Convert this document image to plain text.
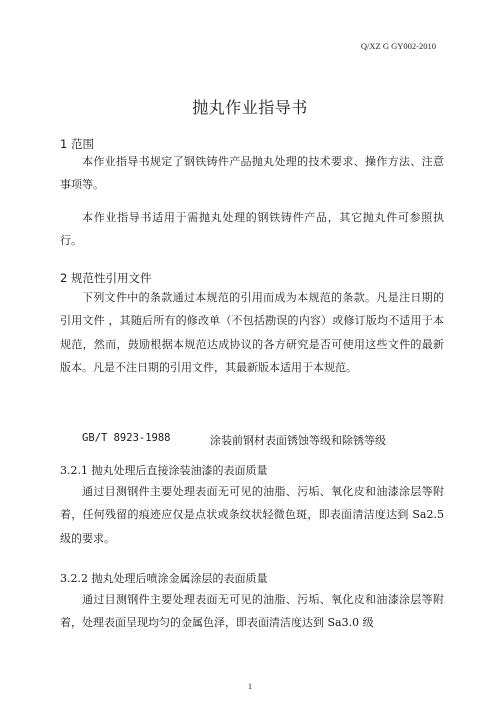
Q/XZ G GY002-2010
抛丸作业指导书
1 范围

本作业指导书规定了钢铁铸件产品抛丸处理的技术要求、操作方法、注意事项等。

本作业指导书适用于需抛丸处理的钢铁铸件产品，其它抛丸件可参照执行。

2 规范性引用文件

下列文件中的条款通过本规范的引用而成为本规范的条款。凡是注日期的引用文件 ，其随后所有的修改单（不包括勘误的内容）或修订版均不适用于本规范，然而，鼓励根据本规范达成协议的各方研究是否可使用这些文件的最新版本。凡是不注日期的引用文件，其最新版本适用于本规范。

GB/T 8923-1988	涂装前钢材表面锈蚀等级和除锈等级
3.2.1 抛丸处理后直接涂装油漆的表面质量

通过目测钢件主要处理表面无可见的油脂、污垢、氧化皮和油漆涂层等附着，任何残留的痕迹应仅是点状或条纹状轻微色斑，即表面清洁度达到 Sa2.5 级的要求。

3.2.2 抛丸处理后喷涂金属涂层的表面质量

通过目测钢件主要处理表面无可见的油脂、污垢、氧化皮和油漆涂层等附着，处理表面呈现均匀的金属色泽，即表面清洁度达到 Sa3.0 级

1
